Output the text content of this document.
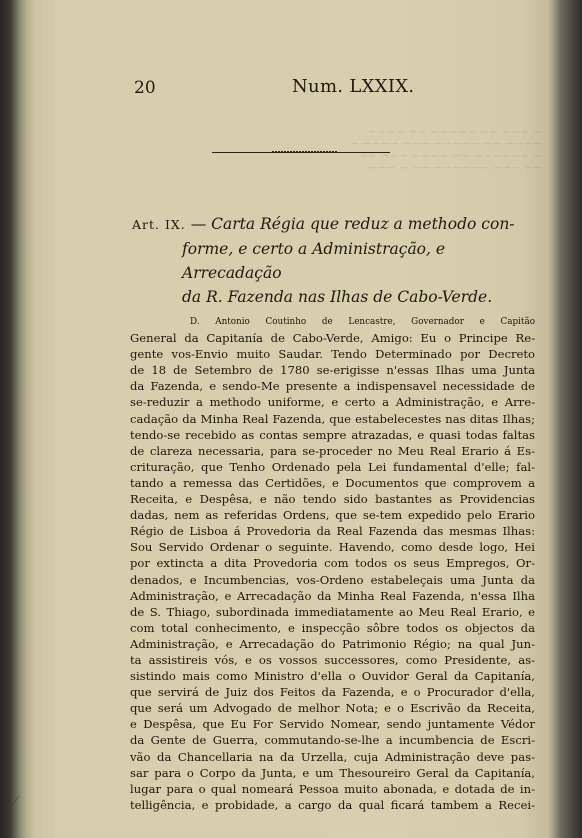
~ ~~~ ~~ ~~~~~ ~~ ~~~~
~~~~ ~~ ~~~~~ ~~~ ~~~~ ~
~ ~~~~~~ ~~ ~~~~ ~~~ ~~
~~ ~~~ ~~~~~~ ~~ ~ ~~~
20	Num. LXXIX.
Art. IX. — Carta Régia que reduz a methodo con-
forme, e certo a Administração, e Arrecadação
da R. Fazenda nas Ilhas de Cabo-Verde.
D. Antonio Coutinho de Lencastre, Governador e Capitão
General da Capitanía de Cabo-Verde, Amigo: Eu o Principe Re-
gente vos-Envio muito Saudar. Tendo Determinado por Decreto
de 18 de Setembro de 1780 se-erigisse n'essas Ilhas uma Junta
da Fazenda, e sendo-Me presente a indispensavel necessidade de
se-reduzir a methodo uniforme, e certo a Administração, e Arre-
cadação da Minha Real Fazenda, que estabelecestes nas ditas Ilhas;
tendo-se recebido as contas sempre atrazadas, e quasi todas faltas
de clareza necessaria, para se-proceder no Meu Real Erario á Es-
crituração, que Tenho Ordenado pela Lei fundamental d'elle; fal-
tando a remessa das Certidões, e Documentos que comprovem a
Receita, e Despêsa, e não tendo sido bastantes as Providencias
dadas, nem as referidas Ordens, que se-tem expedido pelo Erario
Régio de Lisboa á Provedoria da Real Fazenda das mesmas Ilhas:
Sou Servido Ordenar o seguinte. Havendo, como desde logo, Hei
por extincta a dita Provedoria com todos os seus Empregos, Or-
denados, e Incumbencias, vos-Ordeno estabeleçais uma Junta da
Administração, e Arrecadação da Minha Real Fazenda, n'essa Ilha
de S. Thiago, subordinada immediatamente ao Meu Real Erario, e
com total conhecimento, e inspecção sôbre todos os objectos da
Administração, e Arrecadação do Patrimonio Régio; na qual Jun-
ta assistireis vós, e os vossos successores, como Presidente, as-
sistindo mais como Ministro d'ella o Ouvidor Geral da Capitanía,
que servirá de Juiz dos Feitos da Fazenda, e o Procurador d'ella,
que será um Advogado de melhor Nota; e o Escrivão da Receita,
e Despêsa, que Eu For Servido Nomear, sendo juntamente Védor
da Gente de Guerra, commutando-se-lhe a incumbencia de Escri-
vão da Chancellaria na da Urzella, cuja Administração deve pas-
sar para o Corpo da Junta, e um Thesoureiro Geral da Capitanía,
lugar para o qual nomeará Pessoa muito abonada, e dotada de in-
telligência, e probidade, a cargo da qual ficará tambem a Recei-
